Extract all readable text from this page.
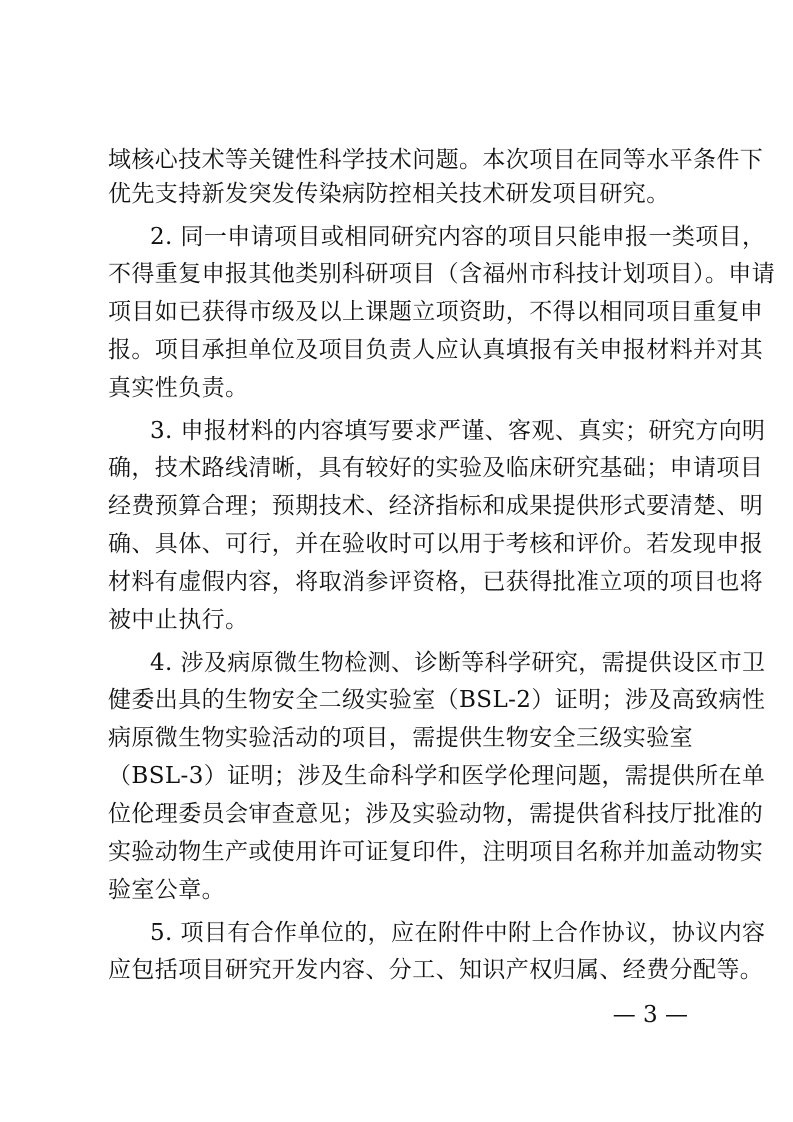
域核心技术等关键性科学技术问题。本次项目在同等水平条件下
优先支持新发突发传染病防控相关技术研发项目研究。
2. 同一申请项目或相同研究内容的项目只能申报一类项目，
不得重复申报其他类别科研项目（含福州市科技计划项目）。申请
项目如已获得市级及以上课题立项资助，不得以相同项目重复申
报。项目承担单位及项目负责人应认真填报有关申报材料并对其
真实性负责。
3. 申报材料的内容填写要求严谨、客观、真实；研究方向明
确，技术路线清晰，具有较好的实验及临床研究基础；申请项目
经费预算合理；预期技术、经济指标和成果提供形式要清楚、明
确、具体、可行，并在验收时可以用于考核和评价。若发现申报
材料有虚假内容，将取消参评资格，已获得批准立项的项目也将
被中止执行。
4. 涉及病原微生物检测、诊断等科学研究，需提供设区市卫
健委出具的生物安全二级实验室（BSL-2）证明；涉及高致病性
病原微生物实验活动的项目，需提供生物安全三级实验室
（BSL-3）证明；涉及生命科学和医学伦理问题，需提供所在单
位伦理委员会审查意见；涉及实验动物，需提供省科技厅批准的
实验动物生产或使用许可证复印件，注明项目名称并加盖动物实
验室公章。
5. 项目有合作单位的，应在附件中附上合作协议，协议内容
应包括项目研究开发内容、分工、知识产权归属、经费分配等。
— 3 —
